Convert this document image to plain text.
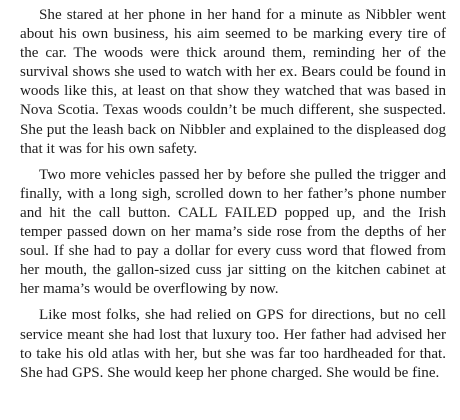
She stared at her phone in her hand for a minute as Nibbler went about his own business, his aim seemed to be marking every tire of the car. The woods were thick around them, reminding her of the survival shows she used to watch with her ex. Bears could be found in woods like this, at least on that show they watched that was based in Nova Scotia. Texas woods couldn’t be much different, she suspected. She put the leash back on Nibbler and explained to the displeased dog that it was for his own safety.

Two more vehicles passed her by before she pulled the trigger and finally, with a long sigh, scrolled down to her father’s phone number and hit the call button. CALL FAILED popped up, and the Irish temper passed down on her mama’s side rose from the depths of her soul. If she had to pay a dollar for every cuss word that flowed from her mouth, the gallon-sized cuss jar sitting on the kitchen cabinet at her mama’s would be overflowing by now.

Like most folks, she had relied on GPS for directions, but no cell service meant she had lost that luxury too. Her father had advised her to take his old atlas with her, but she was far too hardheaded for that. She had GPS. She would keep her phone charged. She would be fine.
